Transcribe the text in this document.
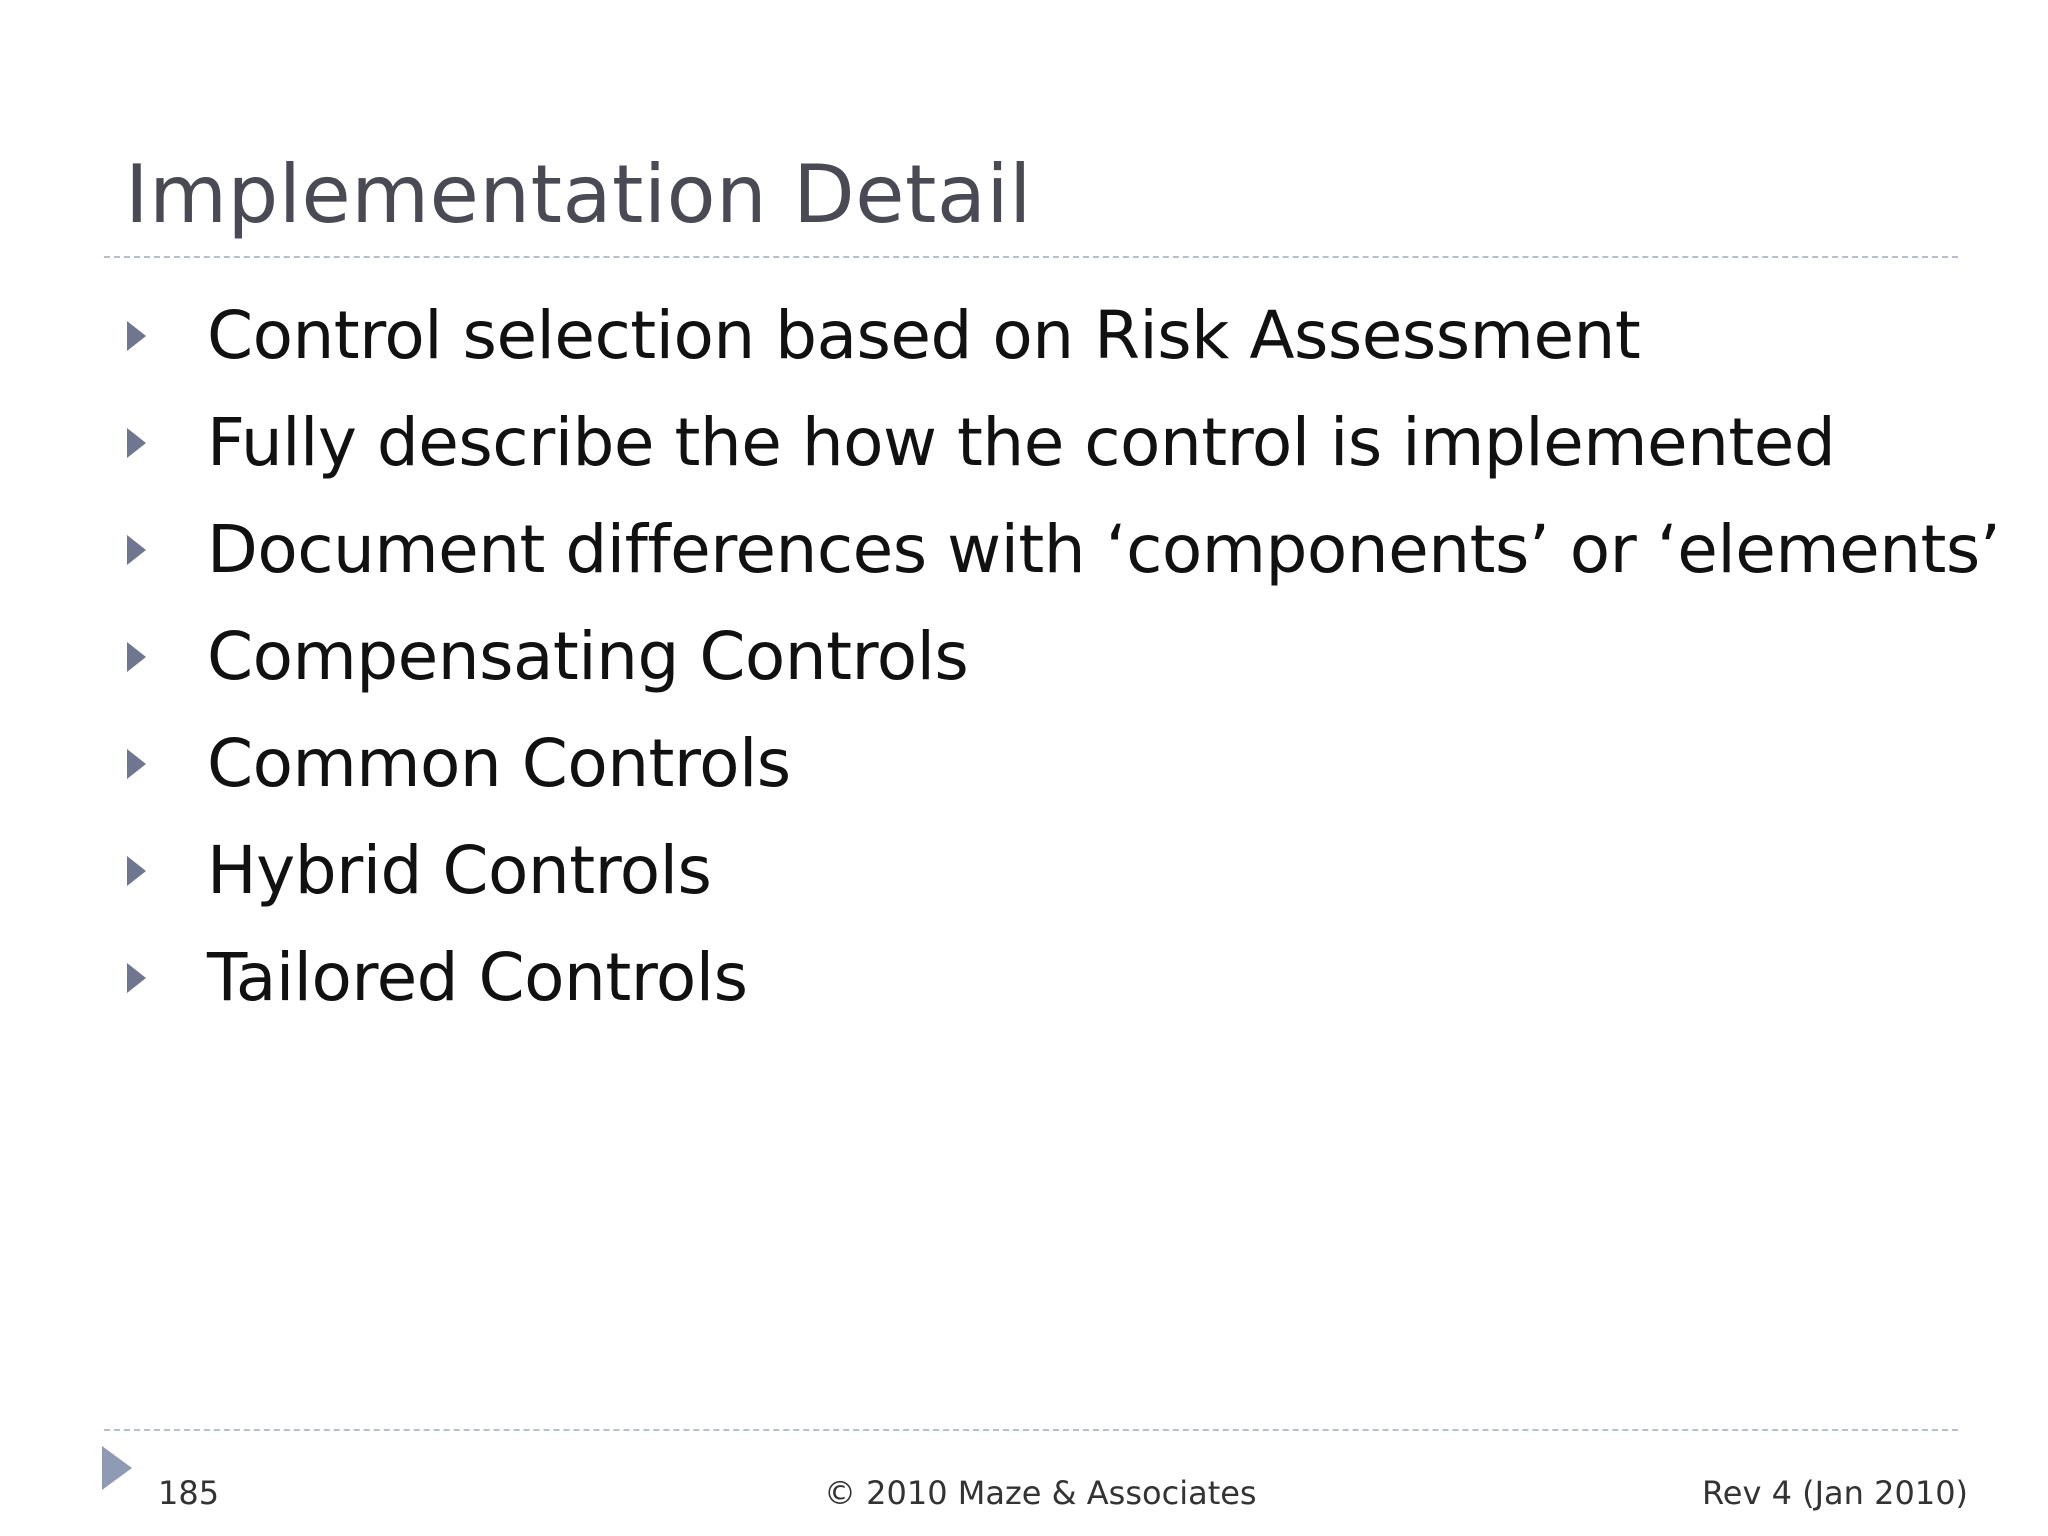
Implementation Detail
Control selection based on Risk Assessment
Fully describe the how the control is implemented
Document differences with ‘components’ or ‘elements’
Compensating Controls
Common Controls
Hybrid Controls
Tailored Controls
185	© 2010 Maze & Associates	Rev 4 (Jan 2010)
